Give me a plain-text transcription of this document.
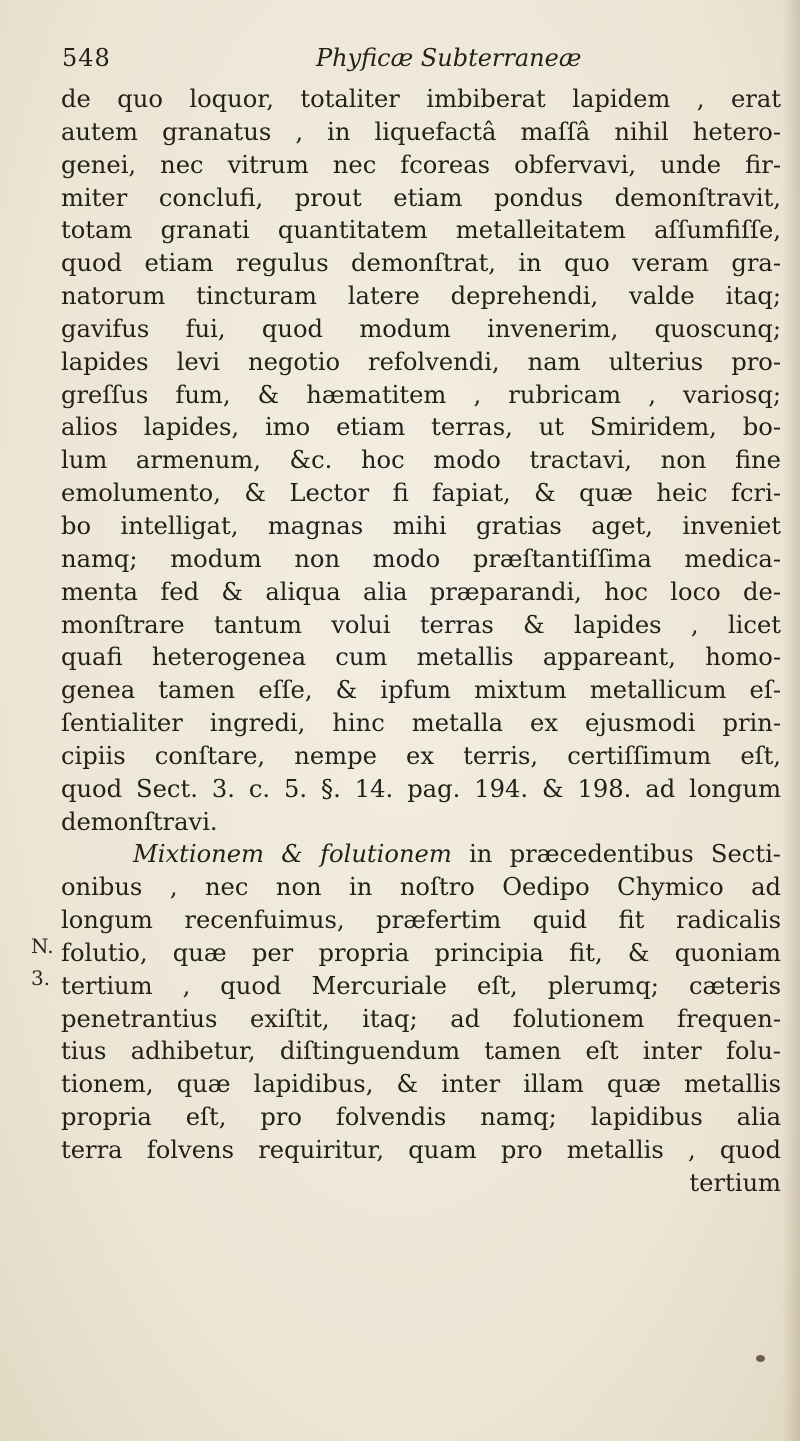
548	Phyficæ Subterraneæ
N.
3.
de quo loquor, totaliter imbiberat lapidem , erat
autem granatus , in liquefactâ maſſâ nihil hetero-
genei, nec vitrum nec fcoreas obfervavi, unde fir-
miter conclufi, prout etiam pondus demonſtravit,
totam granati quantitatem metalleitatem aſſumfiſſe,
quod etiam regulus demonſtrat, in quo veram gra-
natorum tincturam latere deprehendi, valde itaq;
gavifus fui, quod modum invenerim, quoscunq;
lapides levi negotio refolvendi, nam ulterius pro-
greſſus fum, & hæmatitem , rubricam , variosq;
alios lapides, imo etiam terras, ut Smiridem, bo-
lum armenum, &c. hoc modo tractavi, non fine
emolumento, & Lector fi fapiat, & quæ heic fcri-
bo intelligat, magnas mihi gratias aget, inveniet
namq; modum non modo præſtantiſſima medica-
menta fed & aliqua alia præparandi, hoc loco de-
monſtrare tantum volui terras & lapides , licet
quafi heterogenea cum metallis appareant, homo-
genea tamen eſſe, & ipfum mixtum metallicum eſ-
ſentialiter ingredi, hinc metalla ex ejusmodi prin-
cipiis conſtare, nempe ex terris, certiſſimum eſt,
quod Sect. 3. c. 5. §. 14. pag. 194. & 198. ad longum
demonſtravi.
Mixtionem & folutionem in præcedentibus Secti-
onibus , nec non in noſtro Oedipo Chymico ad
longum recenfuimus, præfertim quid fit radicalis
folutio, quæ per propria principia fit, & quoniam
tertium , quod Mercuriale eſt, plerumq; cæteris
penetrantius exiſtit, itaq; ad folutionem frequen-
tius adhibetur, diſtinguendum tamen eſt inter folu-
tionem, quæ lapidibus, & inter illam quæ metallis
propria eſt, pro folvendis namq; lapidibus alia
terra folvens requiritur, quam pro metallis , quod
tertium
